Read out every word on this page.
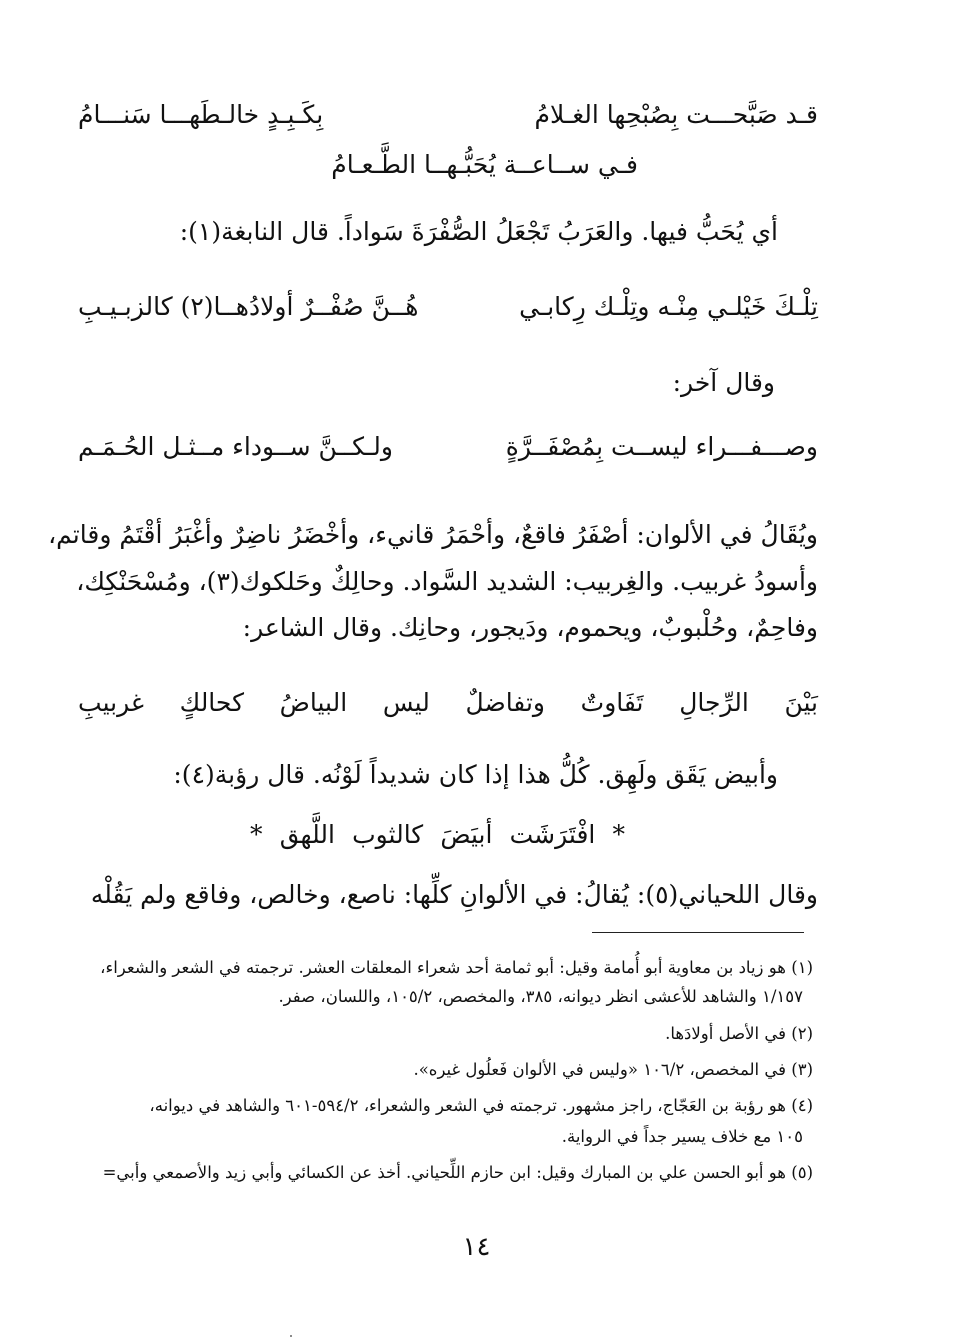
قـد صَبَّحـــت بِصُبْحِها الغـلامُ
بِكَـبِـدٍ خالـطَهـــا سَنـــامُ
فـي ســاعــة يُحَبُّـهــا الطَّـعـامُ
أي يُحَبُّ فيها. والعَرَبُ تَجْعَلُ الصُّفْرَةَ سَواداً. قال النابغة(١):
تِلْـكَ خَيْلـي مِنْـه وتِلْـك رِكابـي
هُــنَّ صُفْــرٌ أولادُهــا(٢) كالزبـيـبِ
وقال آخر:
وصـــفـــراء ليســت بِمُصْفَــرَّةٍ
ولـكــنَّ ســوداء مــثـل الحُـمَـم
ويُقَالُ في الألوان: أصْفَرُ فاقعٌ، وأحْمَرُ قانيء، وأخْضَرُ ناضِرٌ وأغْبَرُ أقْتَمُ وقاتم،
وأسودُ غربيب. والغِربيب: الشديد السَّواد. وحالِكٌ وحَلكوك(٣)، ومُسْحَنْكِك،
وفاحِمٌ، وحُلْبوبٌ، ويحموم، ودَيجور، وحانِك. وقال الشاعر:
بَيْنَ
الرِّجالِ
تَفَاوتٌ
وتفاضلٌ
ليس
البياضُ
كحالكٍ
غربيبِ
وأبيض يَقَق ولَهِق. كُلُّ هذا إذا كان شديداً لَوْنُه. قال رؤبة(٤):
*
افْتَرَشَت
أبيَضَ
كالثوب
اللَّهق
*
وقال اللحياني(٥): يُقالُ: في الألوانِ كلِّها: ناصع، وخالص، وفاقع ولم يَقُلْه
(١) هو زياد بن معاوية أبو أُمامة وقيل: أبو ثمامة أحد شعراء المعلقات العشر. ترجمته في الشعر والشعراء،
١/١٥٧ والشاهد للأعشى انظر ديوانه، ٣٨٥، والمخصص، ١٠٥/٢، واللسان، صفر.
(٢) في الأصل أولادَها.
(٣) في المخصص، ١٠٦/٢ «وليس في الألوان فَعلُول غيره».
(٤) هو رؤبة بن العَجّاج، راجز مشهور. ترجمته في الشعر والشعراء، ٥٩٤/٢-٦٠١ والشاهد في ديوانه،
١٠٥ مع خلاف يسير جداً في الرواية.
(٥) هو أبو الحسن علي بن المبارك وقيل: ابن حازم اللِّحياني. أخذ عن الكسائي وأبي زيد والأصمعي وأبي=
١٤
